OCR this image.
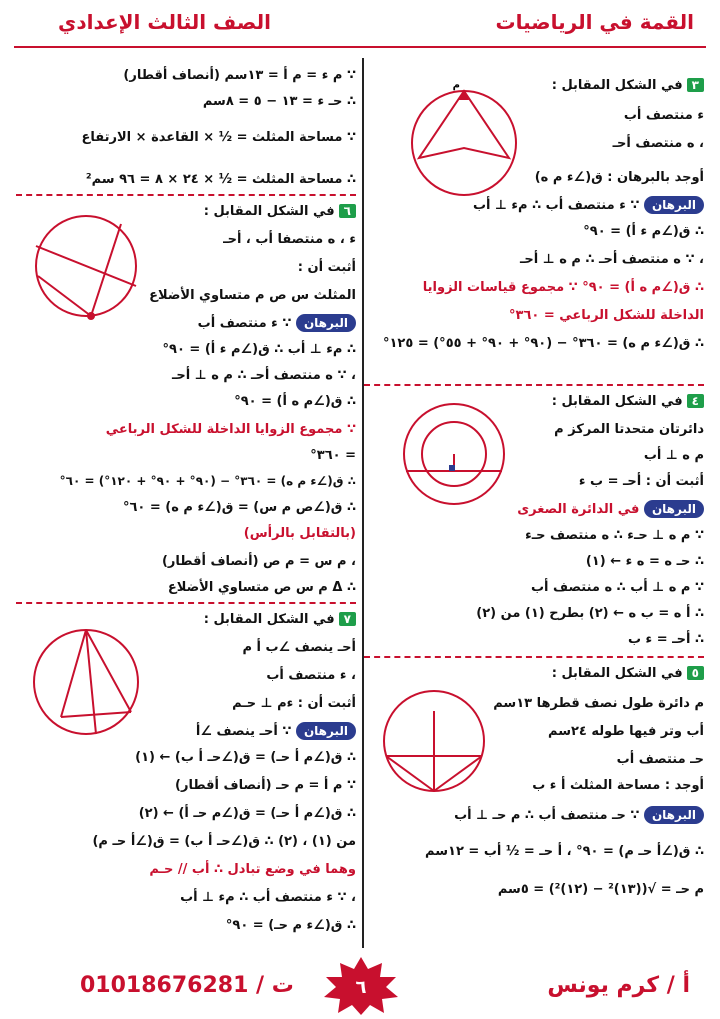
القمة في الرياضيات
الصف الثالث الإعدادي
٣في الشكل المقابل :
ء منتصف أب
، ه منتصف أحـ
أوجد بالبرهان : ق(∠ء م ه)
البرهان ∵ ء منتصف أب ∴ مء ⊥ أب
∴ ق(∠م ء أ) = ٩٠°
، ∵ ه منتصف أحـ ∴ م ه ⊥ أحـ
∴ ق(∠م ه أ) = ٩٠° ∵ مجموع قياسات الزوايا
الداخلة للشكل الرباعي = ٣٦٠°
∴ ق(∠ء م ه) = ٣٦٠° − (٩٠° + ٩٠° + ٥٥°) = ١٢٥°
م
٤في الشكل المقابل :
دائرتان متحدتا المركز م
م ه ⊥ أب
أثبت أن : أحـ = ب ء
البرهان في الدائرة الصغرى
∵ م ه ⊥ حـء ∴ ه منتصف حـء
∴ حـ ه = ه ء ← (١)
∵ م ه ⊥ أب ∴ ه منتصف أب
∴ أ ه = ب ه ← (٢) بطرح (١) من (٢)
∴ أحـ = ء ب
٥في الشكل المقابل :
م دائرة طول نصف قطرها ١٣سم
أب وتر فيها طوله ٢٤سم
حـ منتصف أب
أوجد : مساحة المثلث أ ء ب
البرهان ∵ حـ منتصف أب ∴ م حـ ⊥ أب
∴ ق(∠أ حـ م) = ٩٠° ، أ حـ = ½ أب = ١٢سم
م حـ = √((١٣)² − (١٢)²) = ٥سم
∵ م ء = م أ = ١٣سم (أنصاف أقطار)
∴ حـ ء = ١٣ − ٥ = ٨سم
∵ مساحة المثلث = ½ × القاعدة × الارتفاع
∴ مساحة المثلث = ½ × ٢٤ × ٨ = ٩٦ سم²
٦في الشكل المقابل :
ء ، ه منتصفا أب ، أحـ
أثبت أن :
المثلث س ص م متساوي الأضلاع
البرهان ∵ ء منتصف أب
∴ مء ⊥ أب ∴ ق(∠م ء أ) = ٩٠°
، ∵ ه منتصف أحـ ∴ م ه ⊥ أحـ
∴ ق(∠م ه أ) = ٩٠°
∵ مجموع الزوايا الداخلة للشكل الرباعي
= ٣٦٠°
∴ ق(∠ء م ه) = ٣٦٠° − (٩٠° + ٩٠° + ١٢٠°) = ٦٠°
∴ ق(∠ص م س) = ق(∠ء م ه) = ٦٠°
(بالتقابل بالرأس)
، م س = م ص (أنصاف أقطار)
∴ Δ م س ص متساوي الأضلاع
٧في الشكل المقابل :
أحـ ينصف ∠ب أ م
، ء منتصف أب
أثبت أن : ءم ⊥ حـم
البرهان ∵ أحـ ينصف ∠أ
∴ ق(∠م أ حـ) = ق(∠حـ أ ب) ← (١)
∵ م أ = م حـ (أنصاف أقطار)
∴ ق(∠م أ حـ) = ق(∠م حـ أ) ← (٢)
من (١) ، (٢) ∴ ق(∠حـ أ ب) = ق(∠أ حـ م)
وهما في وضع تبادل ∴ أب // حـم
، ∵ ء منتصف أب ∴ مء ⊥ أب
∴ ق(∠ء م حـ) = ٩٠°
أ / كرم يونس
٦
ت / 01018676281
